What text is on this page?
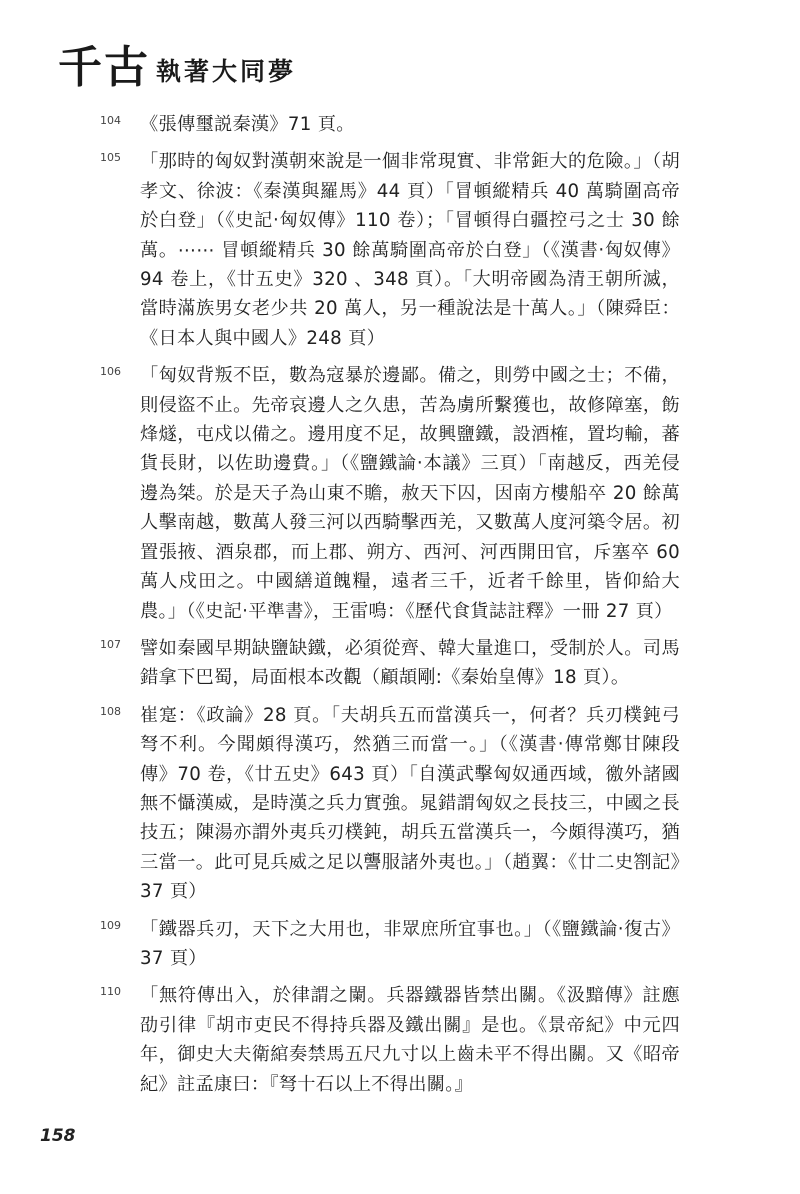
千古 執著大同夢
104	《張傳璽説秦漢》71 頁。
105	「那時的匈奴對漢朝來說是一個非常現實、非常鉅大的危險。」（胡孝文、徐波：《秦漢與羅馬》44 頁）「冒頓縱精兵 40 萬騎圍高帝於白登」（《史記‧匈奴傳》110 卷）；「冒頓得白疆控弓之士 30 餘萬。⋯⋯ 冒頓縱精兵 30 餘萬騎圍高帝於白登」（《漢書‧匈奴傳》94 卷上，《廿五史》320 、348 頁）。「大明帝國為清王朝所滅，當時滿族男女老少共 20 萬人，另一種說法是十萬人。」（陳舜臣：《日本人與中國人》248 頁）
106	「匈奴背叛不臣，數為寇暴於邊鄙。備之，則勞中國之士；不備，則侵盜不止。先帝哀邊人之久患，苦為虜所繫獲也，故修障塞，飭烽燧，屯戍以備之。邊用度不足，故興鹽鐵，設酒榷，置均輸，蕃貨長財，以佐助邊費。」（《鹽鐵論‧本議》三頁）「南越反，西羌侵邊為桀。於是天子為山東不贍，赦天下囚，因南方樓船卒 20 餘萬人擊南越，數萬人發三河以西騎擊西羌，又數萬人度河築令居。初置張掖、酒泉郡，而上郡、朔方、西河、河西開田官，斥塞卒 60 萬人戍田之。中國繕道餽糧，遠者三千，近者千餘里，皆仰給大農。」（《史記‧平準書》，王雷鳴：《歷代食貨誌註釋》一冊 27 頁）
107	譬如秦國早期缺鹽缺鐵，必須從齊、韓大量進口，受制於人。司馬錯拿下巴蜀，局面根本改觀（顧頡剛:《秦始皇傳》18 頁）。
108	崔寔：《政論》28 頁。「夫胡兵五而當漢兵一，何者？兵刃樸鈍弓弩不利。今聞頗得漢巧，然猶三而當一。」（《漢書‧傳常鄭甘陳段傳》70 卷，《廿五史》643 頁）「自漢武擊匈奴通西域，徼外諸國無不懾漢威，是時漢之兵力實強。晁錯謂匈奴之長技三，中國之長技五；陳湯亦謂外夷兵刃樸鈍，胡兵五當漢兵一，今頗得漢巧，猶三當一。此可見兵威之足以讋服諸外夷也。」（趙翼：《廿二史劄記》37 頁）
109	「鐵器兵刃，天下之大用也，非眾庶所宜事也。」（《鹽鐵論‧復古》37 頁）
110	「無符傳出入，於律謂之闌。兵器鐵器皆禁出關。《汲黯傳》註應劭引律『胡市吏民不得持兵器及鐵出關』是也。《景帝紀》中元四年，御史大夫衛綰奏禁馬五尺九寸以上齒未平不得出關。又《昭帝紀》註孟康曰：『弩十石以上不得出關。』
158
